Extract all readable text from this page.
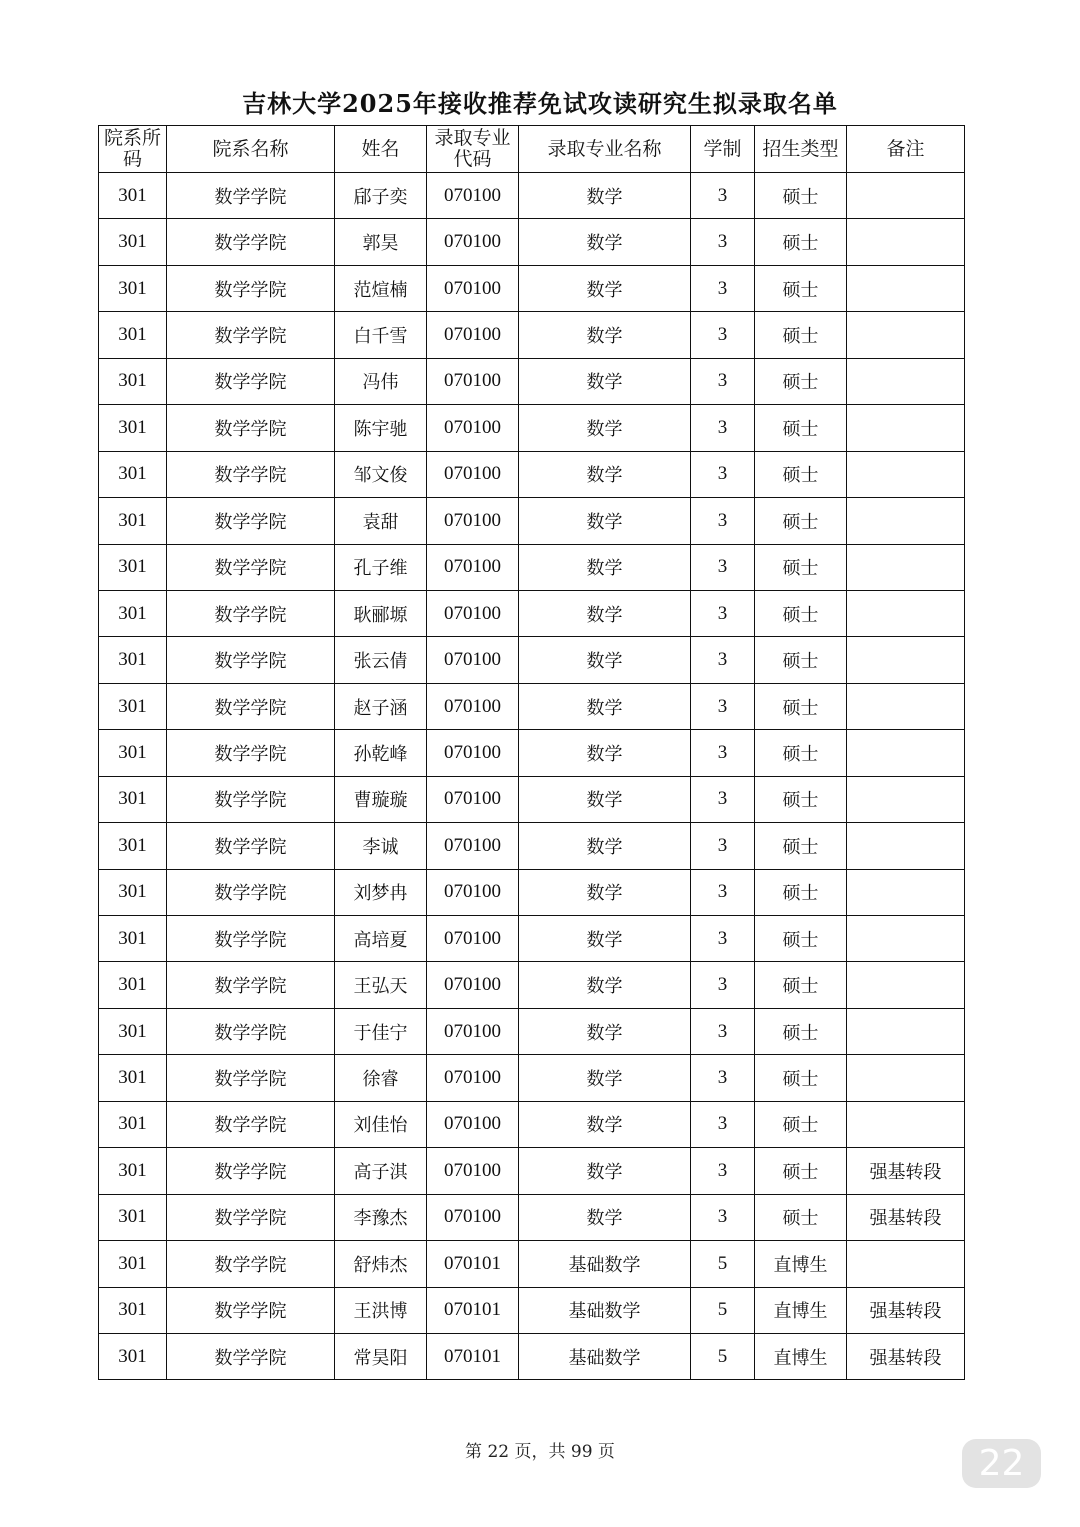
吉林大学2025年接收推荐免试攻读研究生拟录取名单
院系所码	院系名称	姓名	录取专业代码	录取专业名称	学制	招生类型	备注
301	数学学院	郈子奕	070100	数学	3	硕士	
301	数学学院	郭昊	070100	数学	3	硕士	
301	数学学院	范煊楠	070100	数学	3	硕士	
301	数学学院	白千雪	070100	数学	3	硕士	
301	数学学院	冯伟	070100	数学	3	硕士	
301	数学学院	陈宇驰	070100	数学	3	硕士	
301	数学学院	邹文俊	070100	数学	3	硕士	
301	数学学院	袁甜	070100	数学	3	硕士	
301	数学学院	孔子维	070100	数学	3	硕士	
301	数学学院	耿郦塬	070100	数学	3	硕士	
301	数学学院	张云倩	070100	数学	3	硕士	
301	数学学院	赵子涵	070100	数学	3	硕士	
301	数学学院	孙乾峰	070100	数学	3	硕士	
301	数学学院	曹璇璇	070100	数学	3	硕士	
301	数学学院	李诚	070100	数学	3	硕士	
301	数学学院	刘梦冉	070100	数学	3	硕士	
301	数学学院	高培夏	070100	数学	3	硕士	
301	数学学院	王弘天	070100	数学	3	硕士	
301	数学学院	于佳宁	070100	数学	3	硕士	
301	数学学院	徐睿	070100	数学	3	硕士	
301	数学学院	刘佳怡	070100	数学	3	硕士	
301	数学学院	高子淇	070100	数学	3	硕士	强基转段
301	数学学院	李豫杰	070100	数学	3	硕士	强基转段
301	数学学院	舒炜杰	070101	基础数学	5	直博生	
301	数学学院	王洪博	070101	基础数学	5	直博生	强基转段
301	数学学院	常昊阳	070101	基础数学	5	直博生	强基转段
第 22 页，共 99 页	22
